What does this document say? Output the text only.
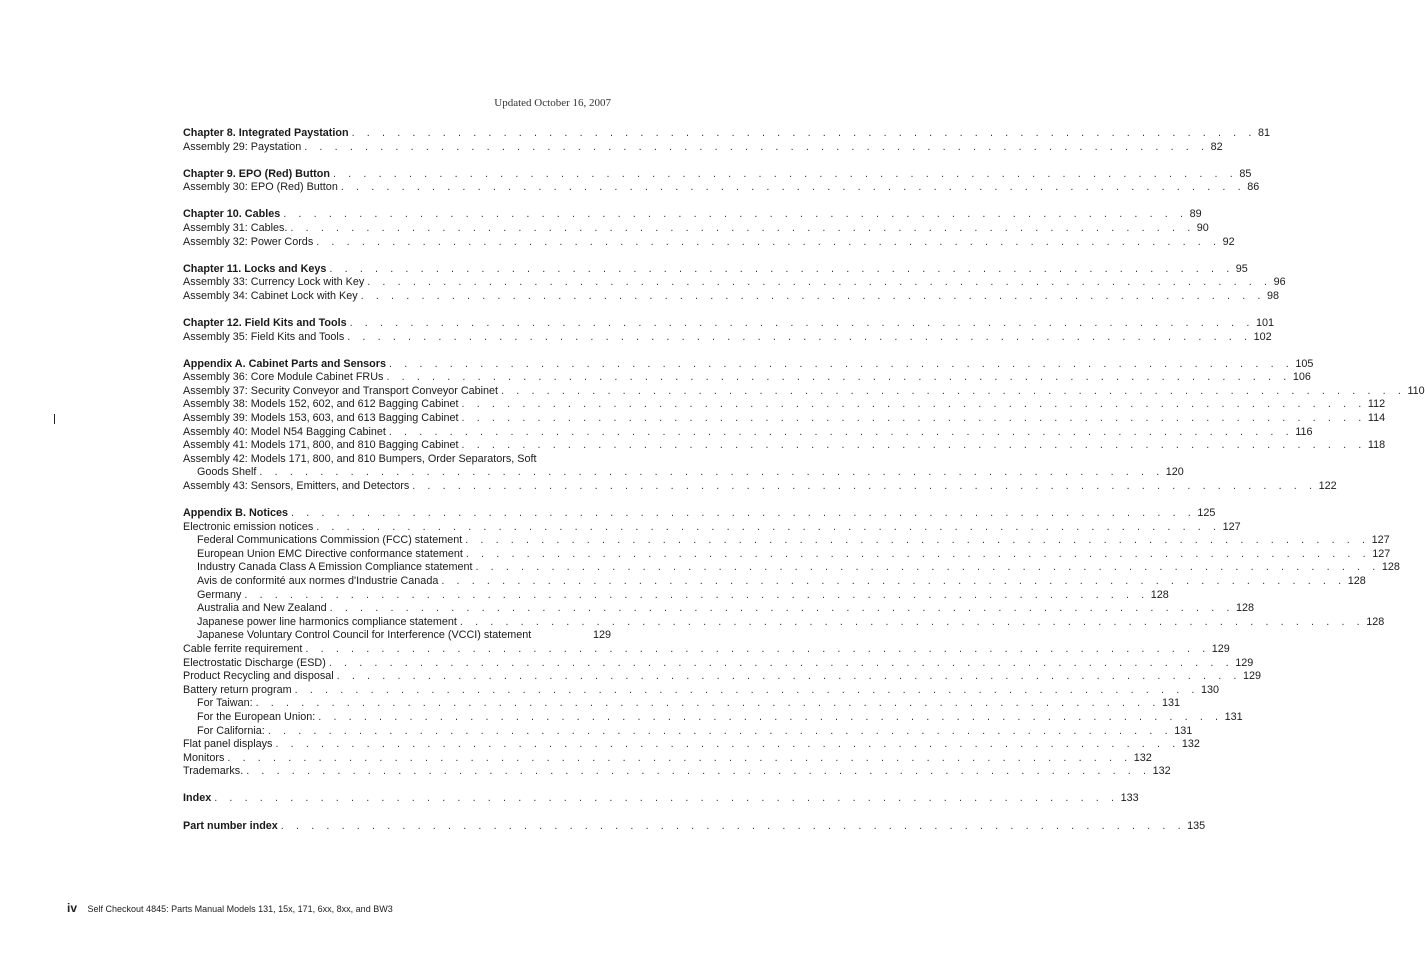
Updated October 16, 2007
Chapter 8. Integrated Paystation . . . . . . . . . . . . . . . . . . . . . . . . . . . . . . . . . . . . . . . . . . . . . . . . . . . . . . . . . . . . 81
Assembly 29: Paystation . . . . . . . . . . . . . . . . . . . . . . . . . . . . . . . . . . . . . . . . . . . . . . . . . . . . . . . . . . . . 82
Chapter 9. EPO (Red) Button . . . . . . . . . . . . . . . . . . . . . . . . . . . . . . . . . . . . . . . . . . . . . . . . . . . . . . . . . . . . 85
Assembly 30: EPO (Red) Button . . . . . . . . . . . . . . . . . . . . . . . . . . . . . . . . . . . . . . . . . . . . . . . . . . . . . . . . . . . . 86
Chapter 10. Cables . . . . . . . . . . . . . . . . . . . . . . . . . . . . . . . . . . . . . . . . . . . . . . . . . . . . . . . . . . . . 89
Assembly 31: Cables. . . . . . . . . . . . . . . . . . . . . . . . . . . . . . . . . . . . . . . . . . . . . . . . . . . . . . . . . . . . . 90
Assembly 32: Power Cords . . . . . . . . . . . . . . . . . . . . . . . . . . . . . . . . . . . . . . . . . . . . . . . . . . . . . . . . . . . . 92
Chapter 11. Locks and Keys . . . . . . . . . . . . . . . . . . . . . . . . . . . . . . . . . . . . . . . . . . . . . . . . . . . . . . . . . . . . 95
Assembly 33: Currency Lock with Key . . . . . . . . . . . . . . . . . . . . . . . . . . . . . . . . . . . . . . . . . . . . . . . . . . . . . . . . . . . . 96
Assembly 34: Cabinet Lock with Key . . . . . . . . . . . . . . . . . . . . . . . . . . . . . . . . . . . . . . . . . . . . . . . . . . . . . . . . . . . . 98
Chapter 12. Field Kits and Tools . . . . . . . . . . . . . . . . . . . . . . . . . . . . . . . . . . . . . . . . . . . . . . . . . . . . . . . . . . . . 101
Assembly 35: Field Kits and Tools . . . . . . . . . . . . . . . . . . . . . . . . . . . . . . . . . . . . . . . . . . . . . . . . . . . . . . . . . . . . 102
Appendix A. Cabinet Parts and Sensors . . . . . . . . . . . . . . . . . . . . . . . . . . . . . . . . . . . . . . . . . . . . . . . . . . . . . . . . . . . . 105
Assembly 36: Core Module Cabinet FRUs . . . . . . . . . . . . . . . . . . . . . . . . . . . . . . . . . . . . . . . . . . . . . . . . . . . . . . . . . . . . 106
Assembly 37: Security Conveyor and Transport Conveyor Cabinet . . . . . . . . . . . . . . . . . . . . . . . . . . . . . . . . . . . . . . . . . . . . . . . . . . . . . . . . . . . . 110
Assembly 38: Models 152, 602, and 612 Bagging Cabinet . . . . . . . . . . . . . . . . . . . . . . . . . . . . . . . . . . . . . . . . . . . . . . . . . . . . . . . . . . . . 112
Assembly 39: Models 153, 603, and 613 Bagging Cabinet . . . . . . . . . . . . . . . . . . . . . . . . . . . . . . . . . . . . . . . . . . . . . . . . . . . . . . . . . . . . 114
Assembly 40: Model N54 Bagging Cabinet . . . . . . . . . . . . . . . . . . . . . . . . . . . . . . . . . . . . . . . . . . . . . . . . . . . . . . . . . . . . 116
Assembly 41: Models 171, 800, and 810 Bagging Cabinet . . . . . . . . . . . . . . . . . . . . . . . . . . . . . . . . . . . . . . . . . . . . . . . . . . . . . . . . . . . . 118
Assembly 42: Models 171, 800, and 810 Bumpers, Order Separators, Soft
Goods Shelf . . . . . . . . . . . . . . . . . . . . . . . . . . . . . . . . . . . . . . . . . . . . . . . . . . . . . . . . . . . . 120
Assembly 43: Sensors, Emitters, and Detectors . . . . . . . . . . . . . . . . . . . . . . . . . . . . . . . . . . . . . . . . . . . . . . . . . . . . . . . . . . . . 122
Appendix B. Notices . . . . . . . . . . . . . . . . . . . . . . . . . . . . . . . . . . . . . . . . . . . . . . . . . . . . . . . . . . . . 125
Electronic emission notices . . . . . . . . . . . . . . . . . . . . . . . . . . . . . . . . . . . . . . . . . . . . . . . . . . . . . . . . . . . . 127
Federal Communications Commission (FCC) statement . . . . . . . . . . . . . . . . . . . . . . . . . . . . . . . . . . . . . . . . . . . . . . . . . . . . . . . . . . . . 127
European Union EMC Directive conformance statement . . . . . . . . . . . . . . . . . . . . . . . . . . . . . . . . . . . . . . . . . . . . . . . . . . . . . . . . . . . . 127
Industry Canada Class A Emission Compliance statement . . . . . . . . . . . . . . . . . . . . . . . . . . . . . . . . . . . . . . . . . . . . . . . . . . . . . . . . . . . . 128
Avis de conformité aux normes d'Industrie Canada . . . . . . . . . . . . . . . . . . . . . . . . . . . . . . . . . . . . . . . . . . . . . . . . . . . . . . . . . . . . 128
Germany . . . . . . . . . . . . . . . . . . . . . . . . . . . . . . . . . . . . . . . . . . . . . . . . . . . . . . . . . . . . 128
Australia and New Zealand . . . . . . . . . . . . . . . . . . . . . . . . . . . . . . . . . . . . . . . . . . . . . . . . . . . . . . . . . . . . 128
Japanese power line harmonics compliance statement . . . . . . . . . . . . . . . . . . . . . . . . . . . . . . . . . . . . . . . . . . . . . . . . . . . . . . . . . . . . 128
Japanese Voluntary Control Council for Interference (VCCI) statement	129
Cable ferrite requirement . . . . . . . . . . . . . . . . . . . . . . . . . . . . . . . . . . . . . . . . . . . . . . . . . . . . . . . . . . . . 129
Electrostatic Discharge (ESD) . . . . . . . . . . . . . . . . . . . . . . . . . . . . . . . . . . . . . . . . . . . . . . . . . . . . . . . . . . . . 129
Product Recycling and disposal . . . . . . . . . . . . . . . . . . . . . . . . . . . . . . . . . . . . . . . . . . . . . . . . . . . . . . . . . . . . 129
Battery return program . . . . . . . . . . . . . . . . . . . . . . . . . . . . . . . . . . . . . . . . . . . . . . . . . . . . . . . . . . . . 130
For Taiwan: . . . . . . . . . . . . . . . . . . . . . . . . . . . . . . . . . . . . . . . . . . . . . . . . . . . . . . . . . . . . 131
For the European Union: . . . . . . . . . . . . . . . . . . . . . . . . . . . . . . . . . . . . . . . . . . . . . . . . . . . . . . . . . . . . 131
For California: . . . . . . . . . . . . . . . . . . . . . . . . . . . . . . . . . . . . . . . . . . . . . . . . . . . . . . . . . . . . 131
Flat panel displays . . . . . . . . . . . . . . . . . . . . . . . . . . . . . . . . . . . . . . . . . . . . . . . . . . . . . . . . . . . . 132
Monitors . . . . . . . . . . . . . . . . . . . . . . . . . . . . . . . . . . . . . . . . . . . . . . . . . . . . . . . . . . . . 132
Trademarks. . . . . . . . . . . . . . . . . . . . . . . . . . . . . . . . . . . . . . . . . . . . . . . . . . . . . . . . . . . . . 132
Index . . . . . . . . . . . . . . . . . . . . . . . . . . . . . . . . . . . . . . . . . . . . . . . . . . . . . . . . . . . . 133
Part number index . . . . . . . . . . . . . . . . . . . . . . . . . . . . . . . . . . . . . . . . . . . . . . . . . . . . . . . . . . . . 135
iv Self Checkout 4845: Parts Manual Models 131, 15x, 171, 6xx, 8xx, and BW3
